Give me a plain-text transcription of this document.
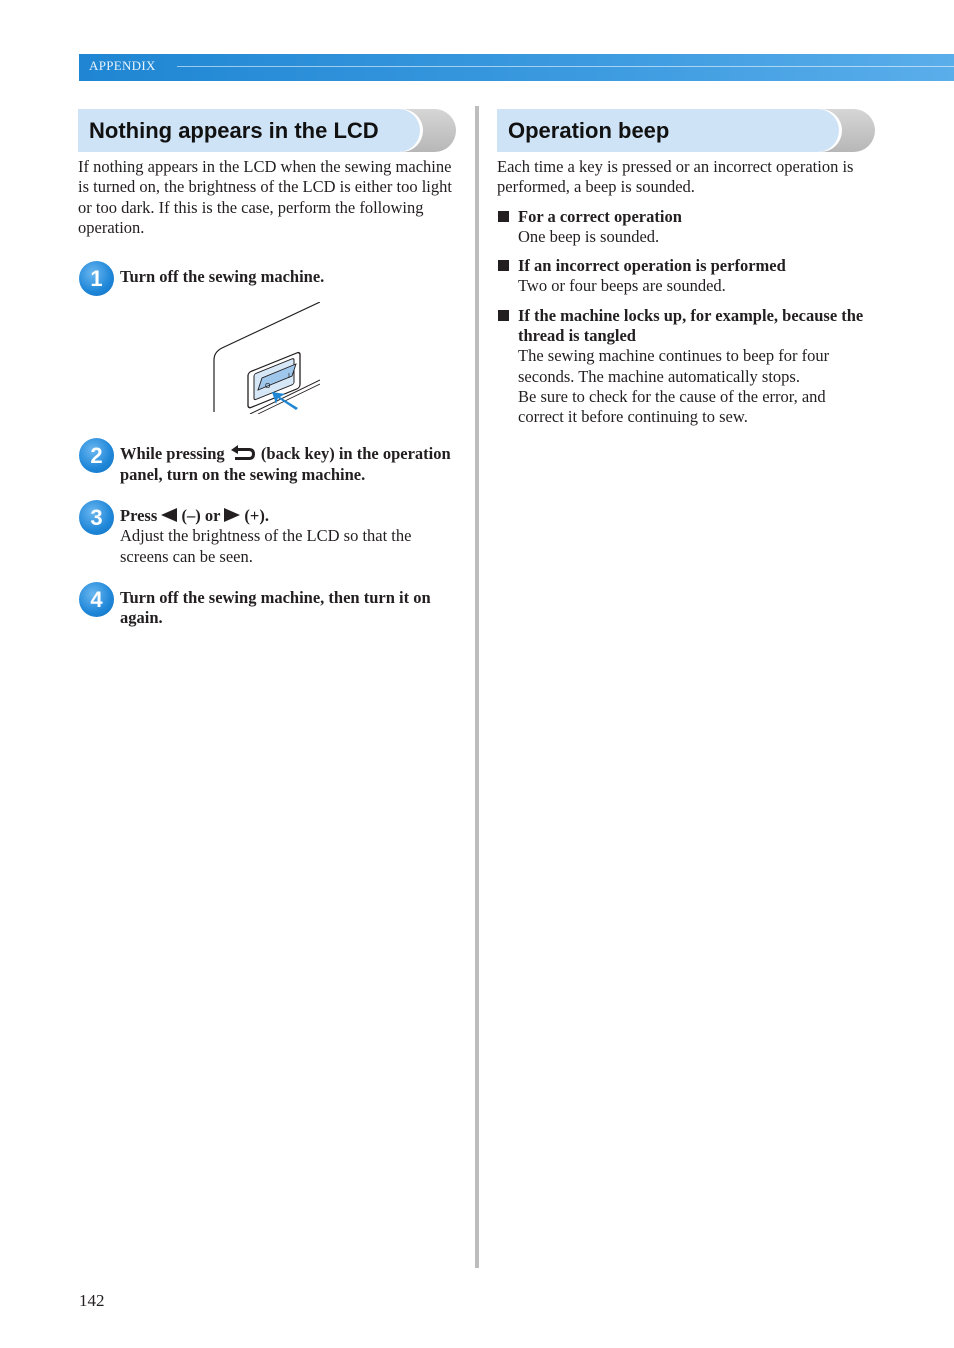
APPENDIX
Nothing appears in the LCD

If nothing appears in the LCD when the sewing machine is turned on, the brightness of the LCD is either too light or too dark. If this is the case, perform the following operation.

1	Turn off the sewing machine.

O
I
2	While pressing (back key) in the operation panel, turn on the sewing machine.

3	Press (–) or (+).

Adjust the brightness of the LCD so that the screens can be seen.

4	Turn off the sewing machine, then turn it on again.

Operation beep

Each time a key is pressed or an incorrect operation is performed, a beep is sounded.

For a correct operation

One beep is sounded.

If an incorrect operation is performed

Two or four beeps are sounded.

If the machine locks up, for example, because the thread is tangled

The sewing machine continues to beep for four seconds. The machine automatically stops.

Be sure to check for the cause of the error, and correct it before continuing to sew.

142
